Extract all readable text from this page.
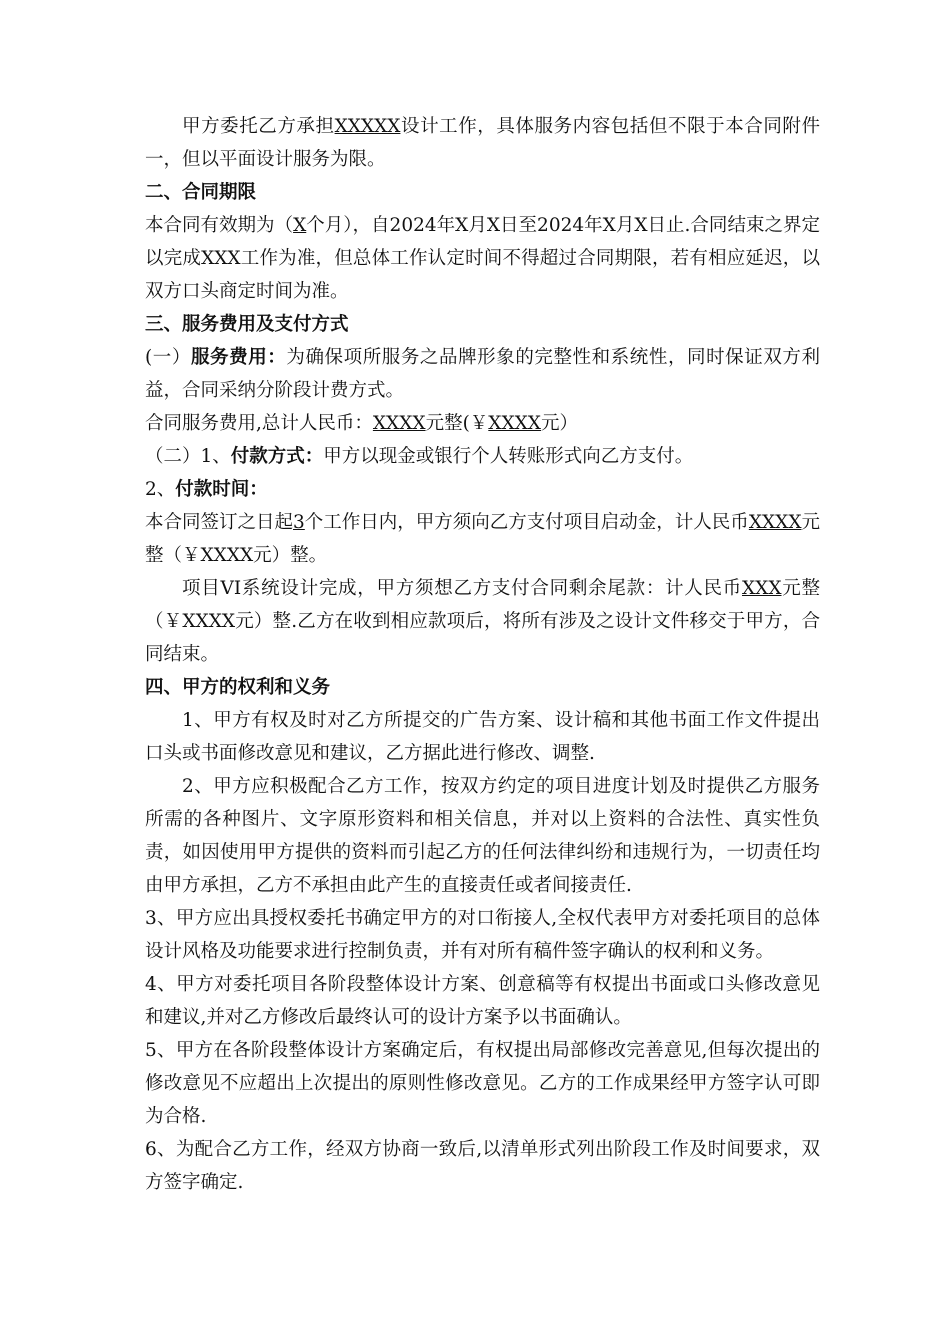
甲方委托乙方承担XXXXX设计工作，具体服务内容包括但不限于本合同附件一，但以平面设计服务为限。

二、合同期限

本合同有效期为（X个月），自2024年X月X日至2024年X月X日止.合同结束之界定以完成XXX工作为准，但总体工作认定时间不得超过合同期限，若有相应延迟，以双方口头商定时间为准。

三、服务费用及支付方式

(一）服务费用：为确保项所服务之品牌形象的完整性和系统性，同时保证双方利益，合同采纳分阶段计费方式。

合同服务费用,总计人民币：XXXX元整(￥XXXX元）

（二）1、付款方式：甲方以现金或银行个人转账形式向乙方支付。

2、付款时间：

本合同签订之日起3个工作日内，甲方须向乙方支付项目启动金，计人民币XXXX元整（￥XXXX元）整。

项目VI系统设计完成，甲方须想乙方支付合同剩余尾款：计人民币XXX元整（￥XXXX元）整.乙方在收到相应款项后，将所有涉及之设计文件移交于甲方，合同结束。

四、甲方的权利和义务

1、甲方有权及时对乙方所提交的广告方案、设计稿和其他书面工作文件提出口头或书面修改意见和建议，乙方据此进行修改、调整.

2、甲方应积极配合乙方工作，按双方约定的项目进度计划及时提供乙方服务所需的各种图片、文字原形资料和相关信息，并对以上资料的合法性、真实性负责，如因使用甲方提供的资料而引起乙方的任何法律纠纷和违规行为，一切责任均由甲方承担，乙方不承担由此产生的直接责任或者间接责任.

3、甲方应出具授权委托书确定甲方的对口衔接人,全权代表甲方对委托项目的总体设计风格及功能要求进行控制负责，并有对所有稿件签字确认的权利和义务。

4、甲方对委托项目各阶段整体设计方案、创意稿等有权提出书面或口头修改意见和建议,并对乙方修改后最终认可的设计方案予以书面确认。

5、甲方在各阶段整体设计方案确定后，有权提出局部修改完善意见,但每次提出的修改意见不应超出上次提出的原则性修改意见。乙方的工作成果经甲方签字认可即为合格.

6、为配合乙方工作，经双方协商一致后,以清单形式列出阶段工作及时间要求，双方签字确定.
